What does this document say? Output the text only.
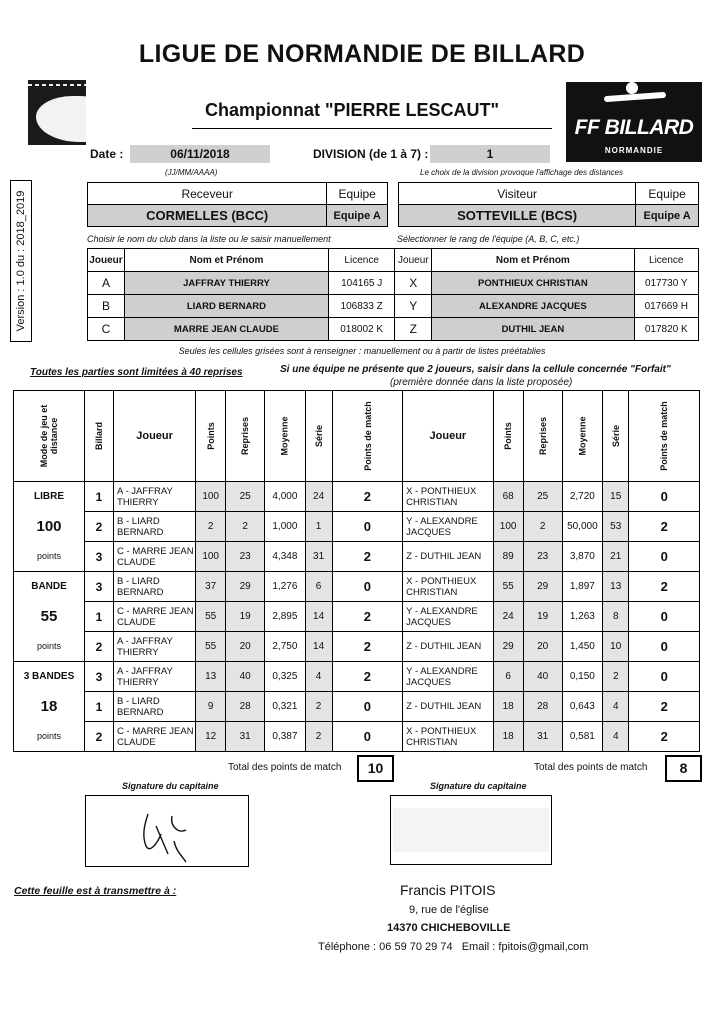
LIGUE DE NORMANDIE DE BILLARD
Championnat "PIERRE LESCAUT"
FF BILLARD
NORMANDIE
Date :	06/11/2018
(JJ/MM/AAAA)
DIVISION (de 1 à 7) :	1
Le choix de la division provoque l'affichage des distances
Version : 1.0 du : 2018_2019	Receveur	Equipe		Visiteur	Equipe
CORMELLES (BCC)	Equipe A		SOTTEVILLE (BCS)	Equipe A
Choisir le nom du club dans la liste ou le saisir manuellement	Sélectionner le rang de l'équipe (A, B, C, etc.)
Joueur	Nom et Prénom	Licence	Joueur	Nom et Prénom	Licence
A	JAFFRAY THIERRY	104165 J	X	PONTHIEUX CHRISTIAN	017730 Y
B	LIARD BERNARD	106833 Z	Y	ALEXANDRE JACQUES	017669 H
C	MARRE JEAN CLAUDE	018002 K	Z	DUTHIL JEAN	017820 K
Seules les cellules grisées sont à renseigner : manuellement ou à partir de listes préétablies
Toutes les parties sont limitées à 40 reprises	Si une équipe ne présente que 2 joueurs, saisir dans la cellule concernée "Forfait"
(première donnée dans la liste proposée)
Mode de jeu et distance	Billard	Joueur	Points	Reprises	Moyenne	Série	Points de match	Joueur	Points	Reprises	Moyenne	Série	Points de match
LIBRE	1	A - JAFFRAY THIERRY	100	25	4,000	24	2	X - PONTHIEUX CHRISTIAN	68	25	2,720	15	0
100	2	B - LIARD BERNARD	2	2	1,000	1	0	Y - ALEXANDRE JACQUES	100	2	50,000	53	2
points	3	C - MARRE JEAN CLAUDE	100	23	4,348	31	2	Z - DUTHIL JEAN	89	23	3,870	21	0
BANDE	3	B - LIARD BERNARD	37	29	1,276	6	0	X - PONTHIEUX CHRISTIAN	55	29	1,897	13	2
55	1	C - MARRE JEAN CLAUDE	55	19	2,895	14	2	Y - ALEXANDRE JACQUES	24	19	1,263	8	0
points	2	A - JAFFRAY THIERRY	55	20	2,750	14	2	Z - DUTHIL JEAN	29	20	1,450	10	0
3 BANDES	3	A - JAFFRAY THIERRY	13	40	0,325	4	2	Y - ALEXANDRE JACQUES	6	40	0,150	2	0
18	1	B - LIARD BERNARD	9	28	0,321	2	0	Z - DUTHIL JEAN	18	28	0,643	4	2
points	2	C - MARRE JEAN CLAUDE	12	31	0,387	2	0	X - PONTHIEUX CHRISTIAN	18	31	0,581	4	2
Total des points de match	10	Total des points de match	8
Signature du capitaine	Signature du capitaine
Cette feuille est à transmettre à :	Francis PITOIS
9, rue de l'église
14370 CHICHEBOVILLE
Téléphone : 06 59 70 29 74   Email : fpitois@gmail,com
